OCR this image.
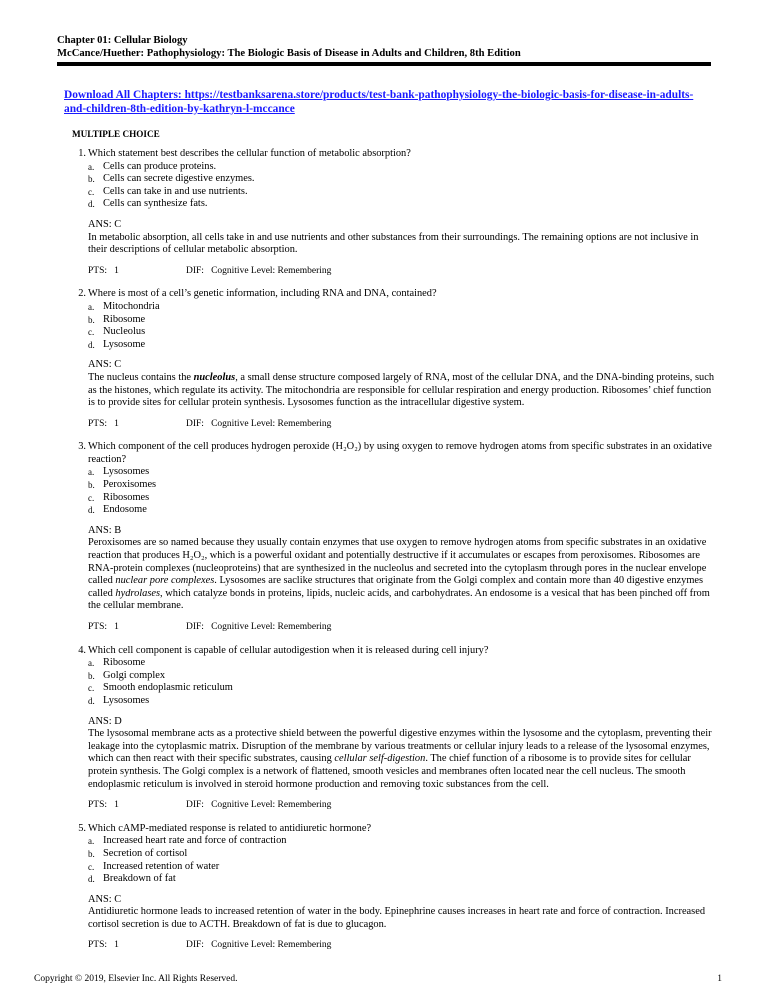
Chapter 01: Cellular Biology
McCance/Huether: Pathophysiology: The Biologic Basis of Disease in Adults and Children, 8th Edition
Download All Chapters: https://testbanksarena.store/products/test-bank-pathophysiology-the-biologic-basis-for-disease-in-adults-and-children-8th-edition-by-kathryn-l-mccance
MULTIPLE CHOICE
1. Which statement best describes the cellular function of metabolic absorption?
a. Cells can produce proteins.
b. Cells can secrete digestive enzymes.
c. Cells can take in and use nutrients.
d. Cells can synthesize fats.
ANS: C
In metabolic absorption, all cells take in and use nutrients and other substances from their surroundings. The remaining options are not inclusive in their descriptions of cellular metabolic absorption.
PTS:   1	DIF:   Cognitive Level: Remembering
2. Where is most of a cell’s genetic information, including RNA and DNA, contained?
a. Mitochondria
b. Ribosome
c. Nucleolus
d. Lysosome
ANS: C
The nucleus contains the nucleolus, a small dense structure composed largely of RNA, most of the cellular DNA, and the DNA-binding proteins, such as the histones, which regulate its activity. The mitochondria are responsible for cellular respiration and energy production. Ribosomes’ chief function is to provide sites for cellular protein synthesis. Lysosomes function as the intracellular digestive system.
PTS:   1	DIF:   Cognitive Level: Remembering
3. Which component of the cell produces hydrogen peroxide (H₂O₂) by using oxygen to remove hydrogen atoms from specific substrates in an oxidative reaction?
a. Lysosomes
b. Peroxisomes
c. Ribosomes
d. Endosome
ANS: B
Peroxisomes are so named because they usually contain enzymes that use oxygen to remove hydrogen atoms from specific substrates in an oxidative reaction that produces H₂O₂, which is a powerful oxidant and potentially destructive if it accumulates or escapes from peroxisomes. Ribosomes are RNA-protein complexes (nucleoproteins) that are synthesized in the nucleolus and secreted into the cytoplasm through pores in the nuclear envelope called nuclear pore complexes. Lysosomes are saclike structures that originate from the Golgi complex and contain more than 40 digestive enzymes called hydrolases, which catalyze bonds in proteins, lipids, nucleic acids, and carbohydrates. An endosome is a vesical that has been pinched off from the cellular membrane.
PTS:   1	DIF:   Cognitive Level: Remembering
4. Which cell component is capable of cellular autodigestion when it is released during cell injury?
a. Ribosome
b. Golgi complex
c. Smooth endoplasmic reticulum
d. Lysosomes
ANS: D
The lysosomal membrane acts as a protective shield between the powerful digestive enzymes within the lysosome and the cytoplasm, preventing their leakage into the cytoplasmic matrix. Disruption of the membrane by various treatments or cellular injury leads to a release of the lysosomal enzymes, which can then react with their specific substrates, causing cellular self-digestion. The chief function of a ribosome is to provide sites for cellular protein synthesis. The Golgi complex is a network of flattened, smooth vesicles and membranes often located near the cell nucleus. The smooth endoplasmic reticulum is involved in steroid hormone production and removing toxic substances from the cell.
PTS:   1	DIF:   Cognitive Level: Remembering
5. Which cAMP-mediated response is related to antidiuretic hormone?
a. Increased heart rate and force of contraction
b. Secretion of cortisol
c. Increased retention of water
d. Breakdown of fat
ANS: C
Antidiuretic hormone leads to increased retention of water in the body. Epinephrine causes increases in heart rate and force of contraction. Increased cortisol secretion is due to ACTH. Breakdown of fat is due to glucagon.
PTS:   1	DIF:   Cognitive Level: Remembering
Copyright © 2019, Elsevier Inc. All Rights Reserved.	1
